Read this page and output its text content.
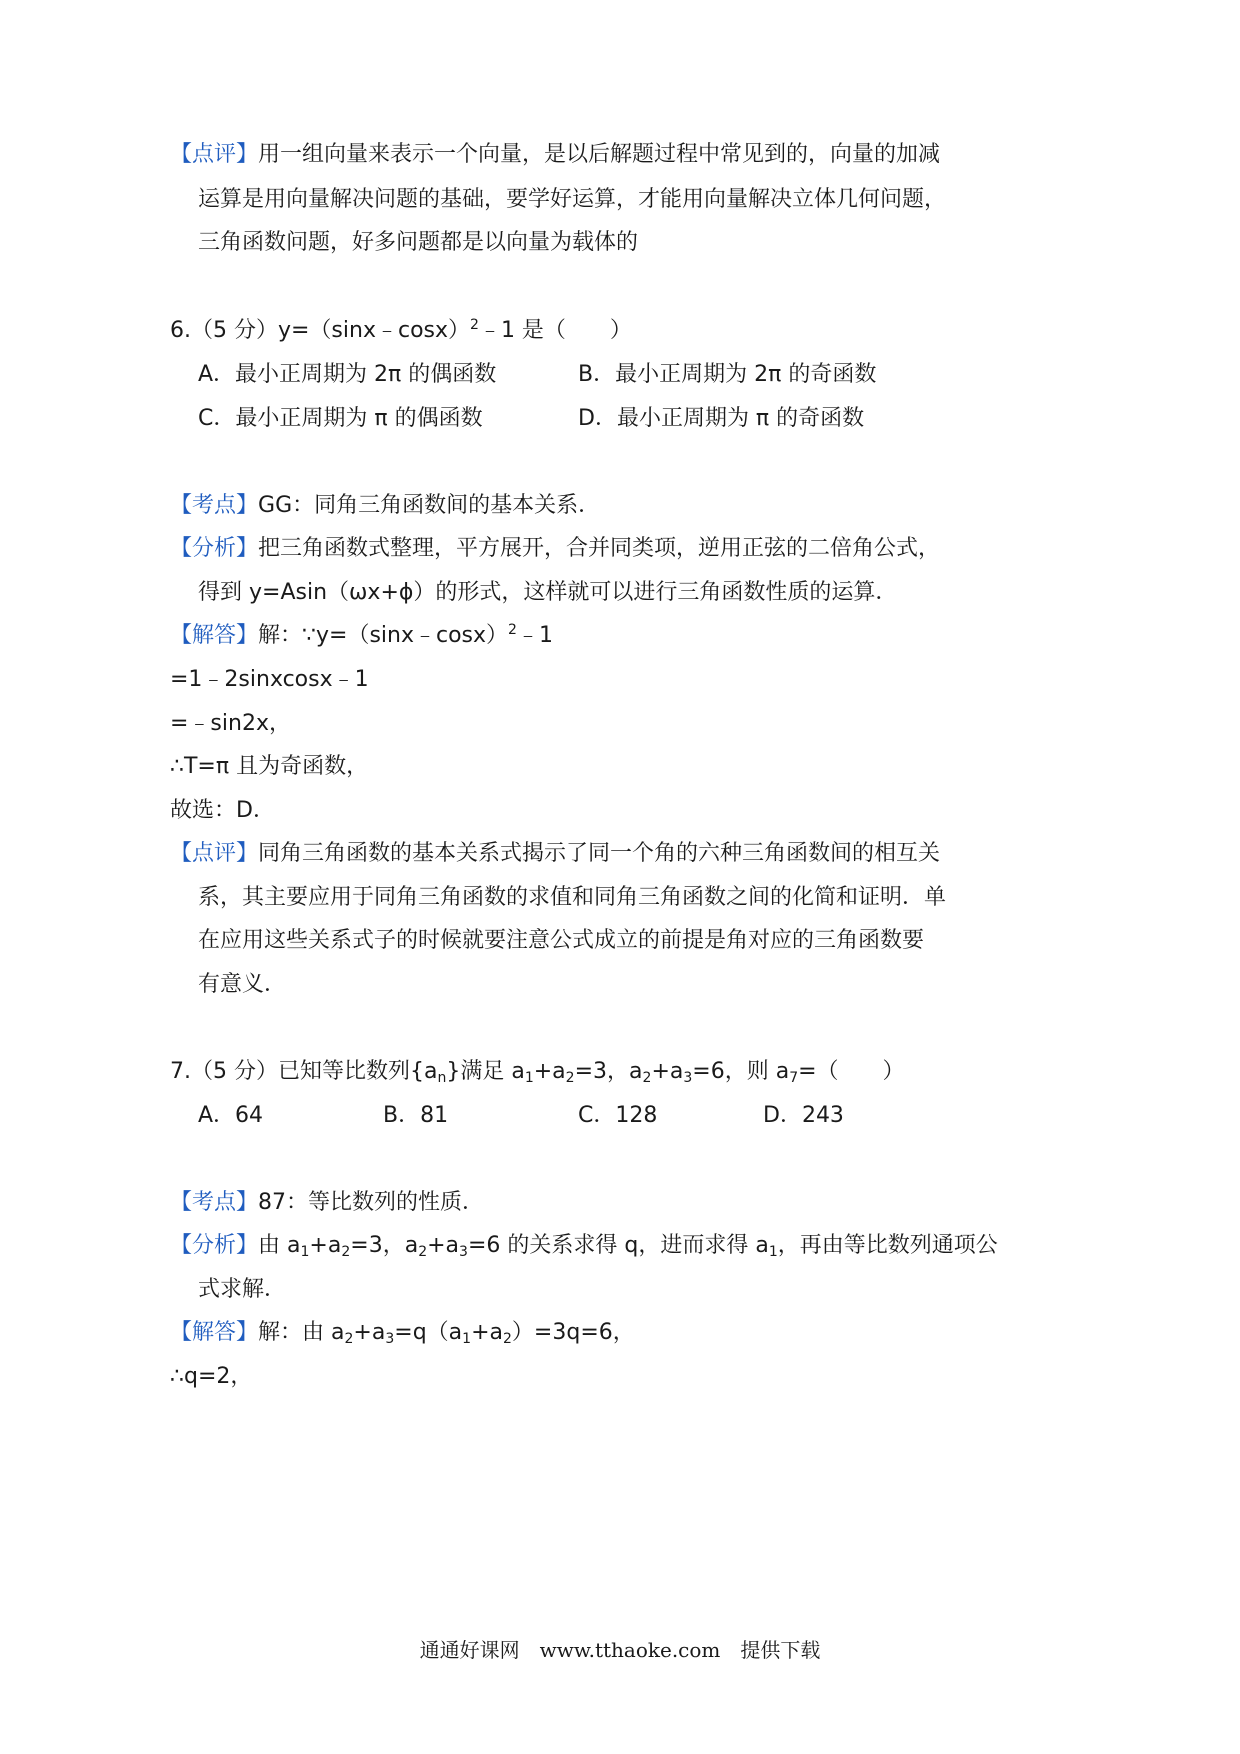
【点评】用一组向量来表示一个向量，是以后解题过程中常见到的，向量的加减
运算是用向量解决问题的基础，要学好运算，才能用向量解决立体几何问题，
三角函数问题，好多问题都是以向量为载体的
6.（5 分）y=（sinx﹣cosx）$^2$﹣1 是（　　）
A．最小正周期为 2π 的偶函数	B．最小正周期为 2π 的奇函数
C．最小正周期为 π 的偶函数	D．最小正周期为 π 的奇函数
【考点】GG：同角三角函数间的基本关系．
【分析】把三角函数式整理，平方展开，合并同类项，逆用正弦的二倍角公式，
得到 y=Asin（ωx+ϕ）的形式，这样就可以进行三角函数性质的运算．
【解答】解：∵y=（sinx﹣cosx）$^2$﹣1
=1﹣2sinxcosx﹣1
=﹣sin2x，
∴T=π 且为奇函数，
故选：D．
【点评】同角三角函数的基本关系式揭示了同一个角的六种三角函数间的相互关
系，其主要应用于同角三角函数的求值和同角三角函数之间的化简和证明．单
在应用这些关系式子的时候就要注意公式成立的前提是角对应的三角函数要
有意义．
7.（5 分）已知等比数列$\{a_n\}$满足 $a_1+a_2=3$，$a_2+a_3=6$，则 $a_7=$（　　）
A．64	B．81	C．128	D．243
【考点】87：等比数列的性质．
【分析】由 $a_1+a_2=3$，$a_2+a_3=6$ 的关系求得 q，进而求得 $a_1$，再由等比数列通项公
式求解．
【解答】解：由 $a_2+a_3=q(a_1+a_2)=3q=6$，
∴q=2，
通通好课网　www.tthaoke.com　提供下载
